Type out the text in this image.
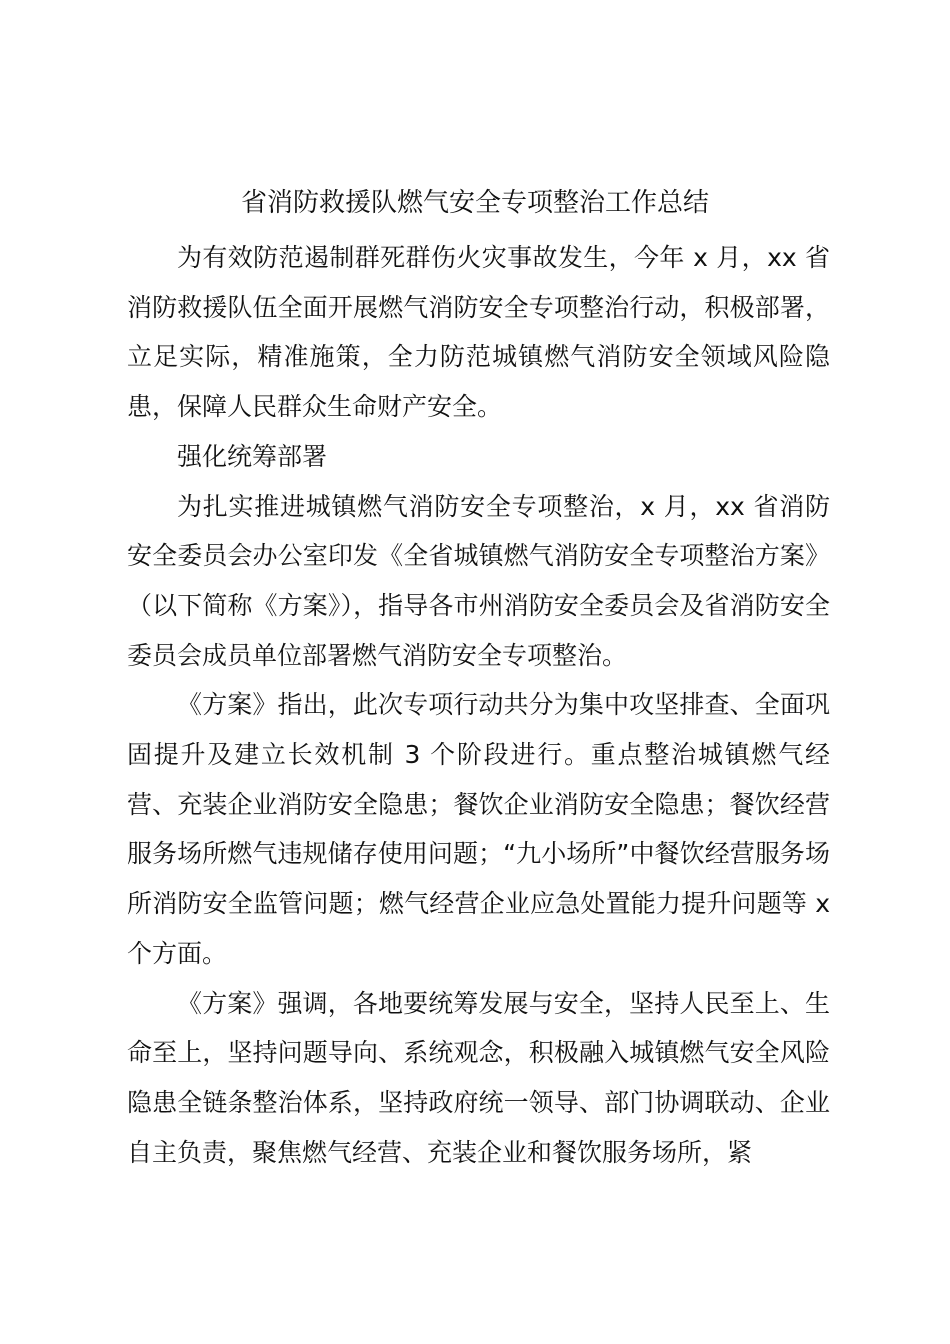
省消防救援队燃气安全专项整治工作总结

为有效防范遏制群死群伤火灾事故发生，今年 x 月，xx 省消防救援队伍全面开展燃气消防安全专项整治行动，积极部署，立足实际，精准施策，全力防范城镇燃气消防安全领域风险隐患，保障人民群众生命财产安全。

强化统筹部署

为扎实推进城镇燃气消防安全专项整治，x 月，xx 省消防安全委员会办公室印发《全省城镇燃气消防安全专项整治方案》（以下简称《方案》），指导各市州消防安全委员会及省消防安全委员会成员单位部署燃气消防安全专项整治。

《方案》指出，此次专项行动共分为集中攻坚排查、全面巩固提升及建立长效机制 3 个阶段进行。重点整治城镇燃气经营、充装企业消防安全隐患；餐饮企业消防安全隐患；餐饮经营服务场所燃气违规储存使用问题；“九小场所”中餐饮经营服务场所消防安全监管问题；燃气经营企业应急处置能力提升问题等 x 个方面。

《方案》强调，各地要统筹发展与安全，坚持人民至上、生命至上，坚持问题导向、系统观念，积极融入城镇燃气安全风险隐患全链条整治体系，坚持政府统一领导、部门协调联动、企业自主负责，聚焦燃气经营、充装企业和餐饮服务场所，紧
